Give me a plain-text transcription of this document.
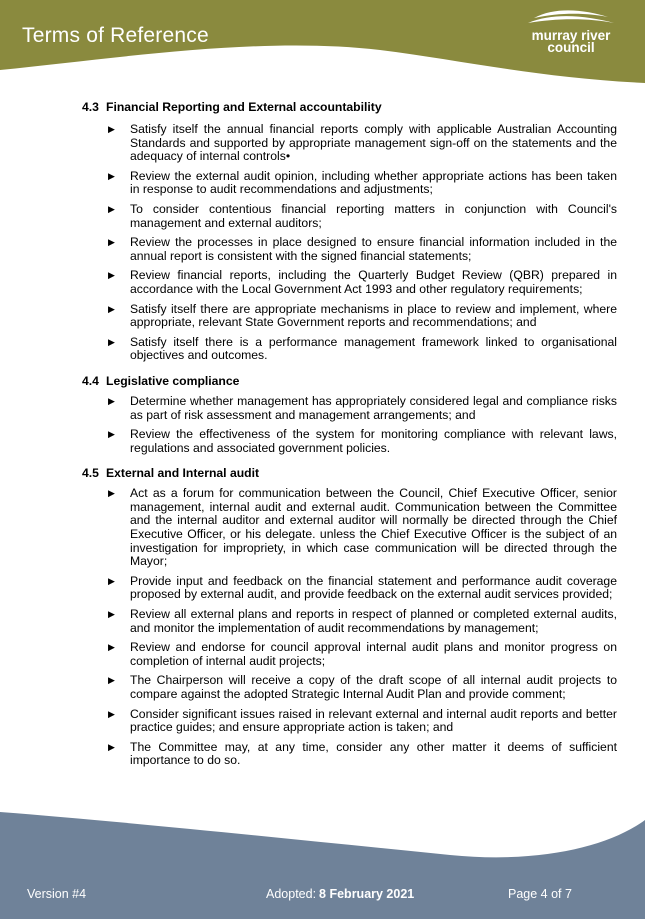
Terms of Reference	murray river
council

4.3 Financial Reporting and External accountability

▶ Satisfy itself the annual financial reports comply with applicable Australian Accounting Standards and supported by appropriate management sign-off on the statements and the adequacy of internal controls•
▶ Review the external audit opinion, including whether appropriate actions has been taken in response to audit recommendations and adjustments;
▶ To consider contentious financial reporting matters in conjunction with Council's management and external auditors;
▶ Review the processes in place designed to ensure financial information included in the annual report is consistent with the signed financial statements;
▶ Review financial reports, including the Quarterly Budget Review (QBR) prepared in accordance with the Local Government Act 1993 and other regulatory requirements;
▶ Satisfy itself there are appropriate mechanisms in place to review and implement, where appropriate, relevant State Government reports and recommendations; and
▶ Satisfy itself there is a performance management framework linked to organisational objectives and outcomes.

4.4 Legislative compliance

▶ Determine whether management has appropriately considered legal and compliance risks as part of risk assessment and management arrangements; and
▶ Review the effectiveness of the system for monitoring compliance with relevant laws, regulations and associated government policies.

4.5 External and Internal audit

▶ Act as a forum for communication between the Council, Chief Executive Officer, senior management, internal audit and external audit. Communication between the Committee and the internal auditor and external auditor will normally be directed through the Chief Executive Officer, or his delegate. unless the Chief Executive Officer is the subject of an investigation for impropriety, in which case communication will be directed through the Mayor;
▶ Provide input and feedback on the financial statement and performance audit coverage proposed by external audit, and provide feedback on the external audit services provided;
▶ Review all external plans and reports in respect of planned or completed external audits, and monitor the implementation of audit recommendations by management;
▶ Review and endorse for council approval internal audit plans and monitor progress on completion of internal audit projects;
▶ The Chairperson will receive a copy of the draft scope of all internal audit projects to compare against the adopted Strategic Internal Audit Plan and provide comment;
▶ Consider significant issues raised in relevant external and internal audit reports and better practice guides; and ensure appropriate action is taken; and
▶ The Committee may, at any time, consider any other matter it deems of sufficient importance to do so.
Version #4	Adopted: 8 February 2021	Page 4 of 7
